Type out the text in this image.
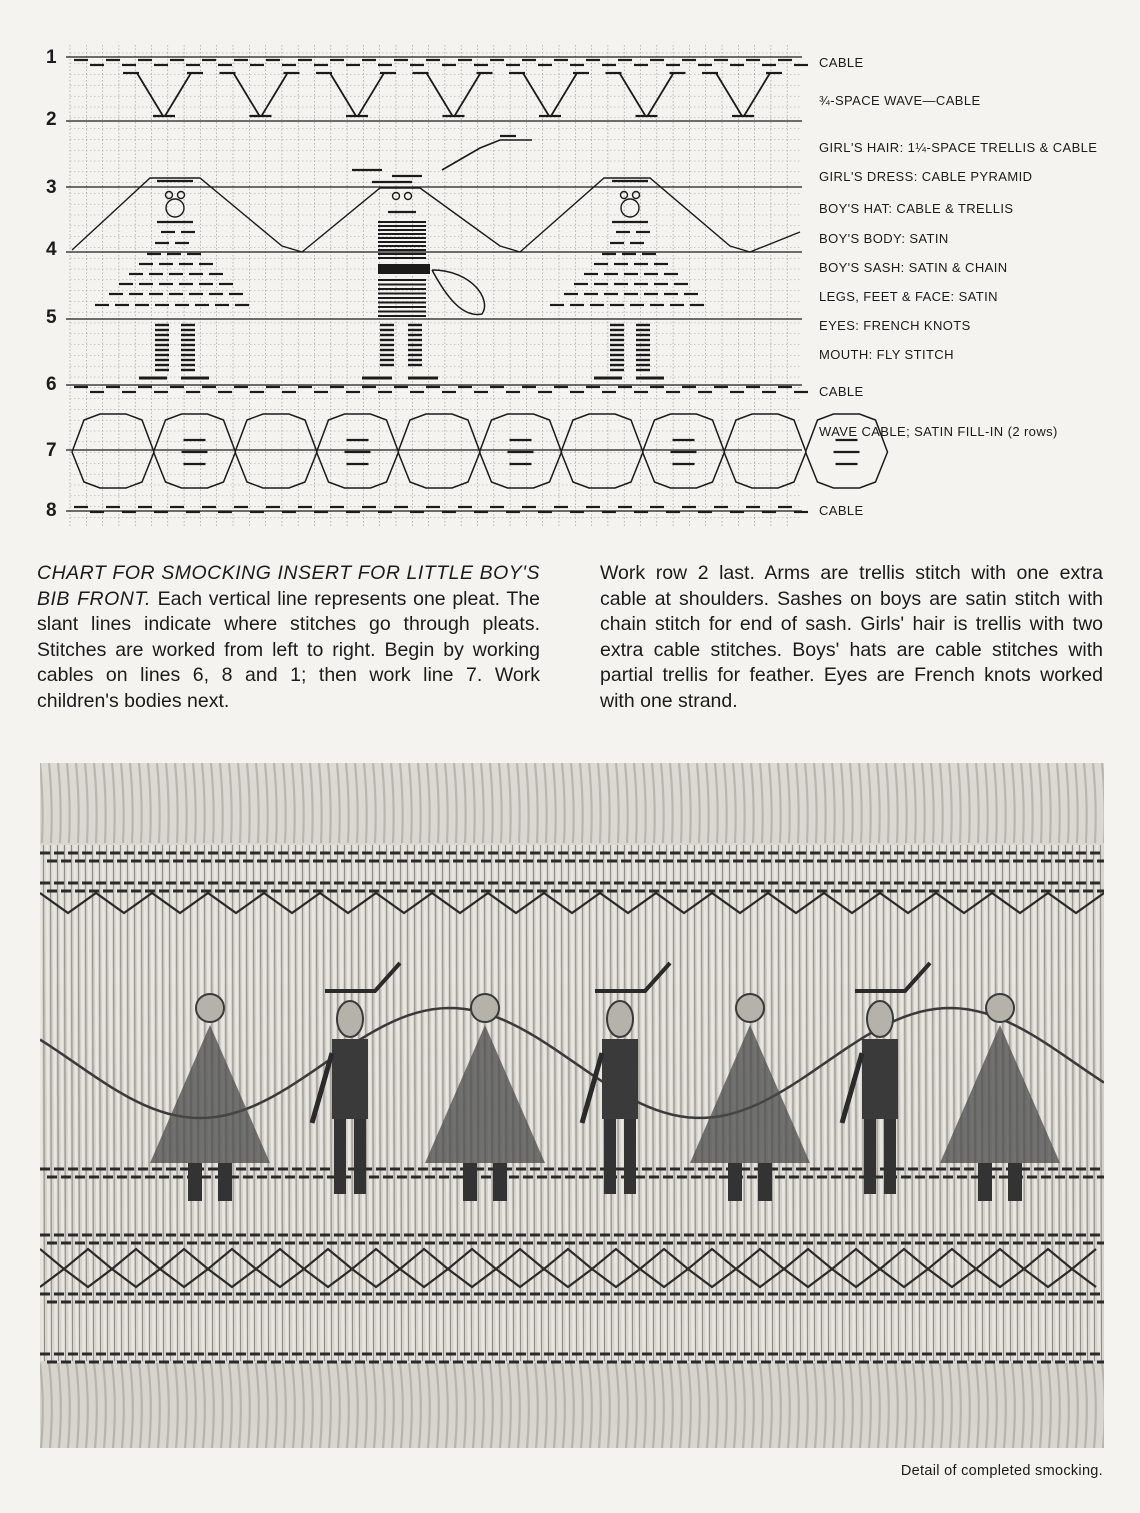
1
2
3
4
5
6
7
8
CABLE
¾-SPACE WAVE—CABLE
GIRL'S HAIR: 1¼-SPACE TRELLIS & CABLE
GIRL'S DRESS: CABLE PYRAMID
BOY'S HAT: CABLE & TRELLIS
BOY'S BODY: SATIN
BOY'S SASH: SATIN & CHAIN
LEGS, FEET & FACE: SATIN
EYES: FRENCH KNOTS
MOUTH: FLY STITCH
CABLE
WAVE CABLE; SATIN FILL-IN (2 rows)
CABLE
CHART FOR SMOCKING INSERT FOR LITTLE BOY'S BIB FRONT. Each vertical line represents one pleat. The slant lines indicate where stitches go through pleats. Stitches are worked from left to right. Begin by working cables on lines 6, 8 and 1; then work line 7. Work children's bodies next.
Work row 2 last. Arms are trellis stitch with one extra cable at shoulders. Sashes on boys are satin stitch with chain stitch for end of sash. Girls' hair is trellis with two extra cable stitches. Boys' hats are cable stitches with partial trellis for feather. Eyes are French knots worked with one strand.
Detail of completed smocking.
